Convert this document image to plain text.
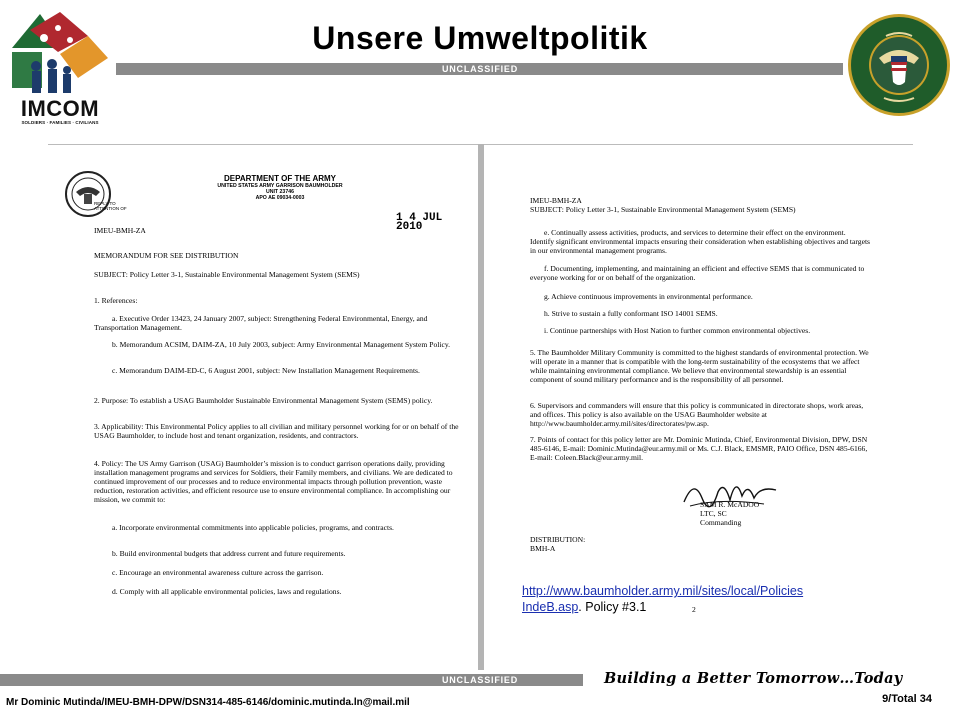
Unsere Umweltpolitik
UNCLASSIFIED
IMCOM
SOLDIERS · FAMILIES · CIVILIANS
DEPARTMENT OF THE ARMY
UNITED STATES ARMY GARRISON BAUMHOLDER
UNIT 23746
APO AE 09034-0003
REPLY TO
ATTENTION OF
1 4 JUL 2010
IMEU-BMH-ZA
MEMORANDUM FOR SEE DISTRIBUTION
SUBJECT: Policy Letter 3-1, Sustainable Environmental Management System (SEMS)
1. References:
a. Executive Order 13423, 24 January 2007, subject: Strengthening Federal Environmental, Energy, and Transportation Management.
b. Memorandum ACSIM, DAIM-ZA, 10 July 2003, subject: Army Environmental Management System Policy.
c. Memorandum DAIM-ED-C, 6 August 2001, subject: New Installation Management Requirements.
2. Purpose: To establish a USAG Baumholder Sustainable Environmental Management System (SEMS) policy.
3. Applicability: This Environmental Policy applies to all civilian and military personnel working for or on behalf of the USAG Baumholder, to include host and tenant organization, residents, and contractors.
4. Policy: The US Army Garrison (USAG) Baumholder’s mission is to conduct garrison operations daily, providing installation management programs and services for Soldiers, their Family members, and civilians. We are dedicated to continued improvement of our processes and to reduce environmental impacts through pollution prevention, waste reduction, restoration activities, and efficient resource use to ensure environmental compliance. In accomplishing our mission, we commit to:
a. Incorporate environmental commitments into applicable policies, programs, and contracts.
b. Build environmental budgets that address current and future requirements.
c. Encourage an environmental awareness culture across the garrison.
d. Comply with all applicable environmental policies, laws and regulations.
IMEU-BMH-ZA
SUBJECT: Policy Letter 3-1, Sustainable Environmental Management System (SEMS)
e. Continually assess activities, products, and services to determine their effect on the environment. Identify significant environmental impacts ensuring their consideration when establishing objectives and targets in our environmental management programs.
f. Documenting, implementing, and maintaining an efficient and effective SEMS that is communicated to everyone working for or on behalf of the organization.
g. Achieve continuous improvements in environmental performance.
h. Strive to sustain a fully conformant ISO 14001 SEMS.
i. Continue partnerships with Host Nation to further common environmental objectives.
5. The Baumholder Military Community is committed to the highest standards of environmental protection. We will operate in a manner that is compatible with the long-term sustainability of the ecosystems that we affect while maintaining environmental compliance. We believe that environmental stewardship is an essential component of sound military performance and is the responsibility of all personnel.
6. Supervisors and commanders will ensure that this policy is communicated in directorate shops, work areas, and offices. This policy is also available on the USAG Baumholder website at http://www.baumholder.army.mil/sites/directorates/pw.asp.
7. Points of contact for this policy letter are Mr. Dominic Mutinda, Chief, Environmental Division, DPW, DSN 485-6146, E-mail: Dominic.Mutinda@eur.army.mil or Ms. C.J. Black, EMSMR, PAIO Office, DSN 485-6166, E-mail: Coleen.Black@eur.army.mil.
SAM R. McADOO
LTC, SC
Commanding
DISTRIBUTION:
BMH-A
2
http://www.baumholder.army.mil/sites/local/Policies
IndeB.asp. Policy #3.1
UNCLASSIFIED	Building a Better Tomorrow…Today
Mr Dominic Mutinda/IMEU-BMH-DPW/DSN314-485-6146/dominic.mutinda.ln@mail.mil	9/Total 34
